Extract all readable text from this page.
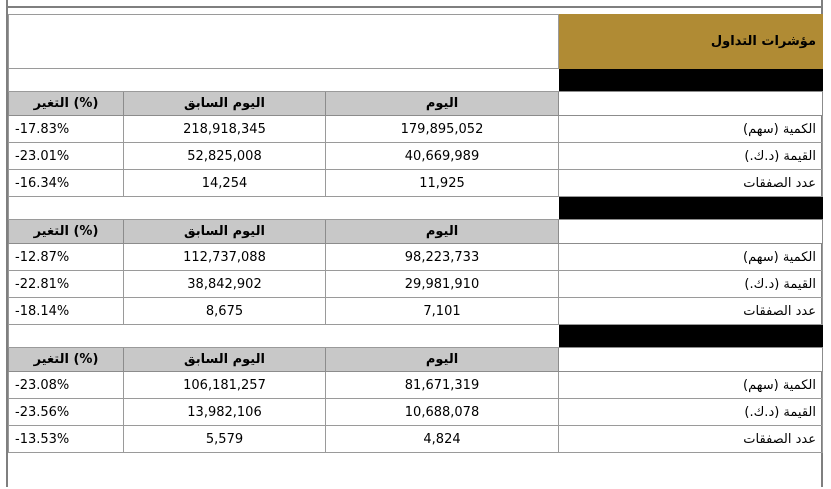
			مؤشرات التداول
			إجمالي السوق
التغير (%)	اليوم السابق	اليوم	
-17.83%	218,918,345	179,895,052	الكمية (سهم)
-23.01%	52,825,008	40,669,989	القيمة (د.ك.)
-16.34%	14,254	11,925	عدد الصفقات
			السوق الأول
التغير (%)	اليوم السابق	اليوم	
-12.87%	112,737,088	98,223,733	الكمية (سهم)
-22.81%	38,842,902	29,981,910	القيمة (د.ك.)
-18.14%	8,675	7,101	عدد الصفقات
			السوق الرئيسي
التغير (%)	اليوم السابق	اليوم	
-23.08%	106,181,257	81,671,319	الكمية (سهم)
-23.56%	13,982,106	10,688,078	القيمة (د.ك.)
-13.53%	5,579	4,824	عدد الصفقات
